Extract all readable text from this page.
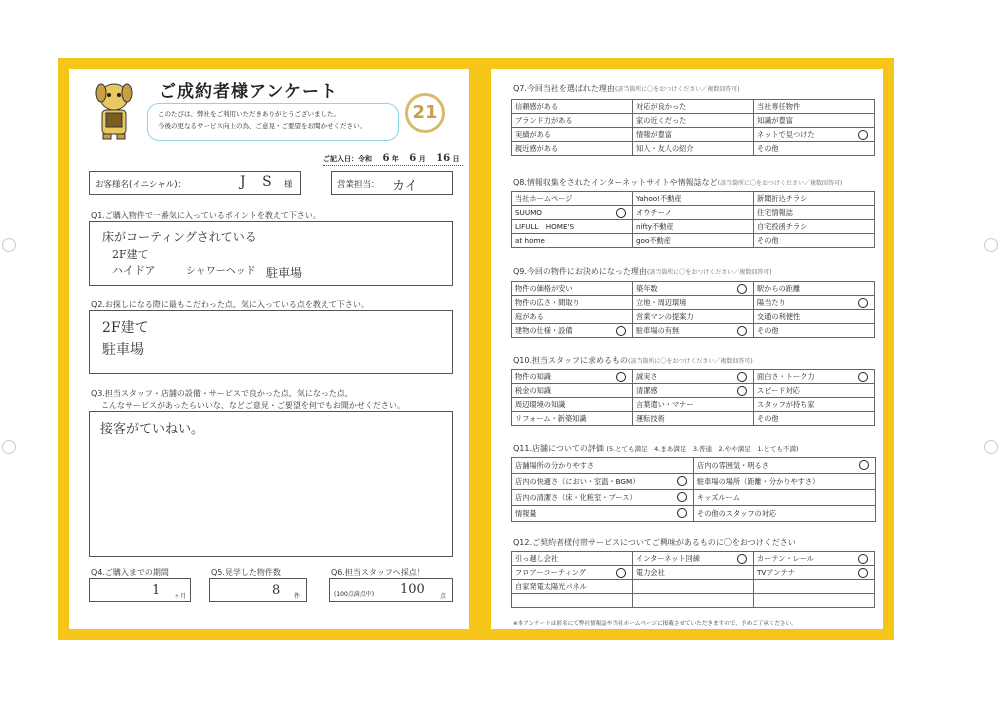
ご成約者様アンケート
このたびは、弊社をご利用いただきありがとうございました。
今後の更なるサービス向上の為、ご意見・ご要望をお聞かせください。
21
ご記入日：令和 6 年 6 月 16 日
お客様名(イニシャル)：	J S 様	営業担当： カイ
Q1.ご購入物件で一番気に入っているポイントを教えて下さい。
床がコーティングされている
2F建て
ハイドア	シャワーヘッド 駐車場
Q2.お探しになる際に最もこだわった点、気に入っている点を教えて下さい。
2F建て
駐車場
Q3.担当スタッフ・店舗の設備・サービスで良かった点、気になった点、
こんなサービスがあったらいいな、などご意見・ご要望を何でもお聞かせください。
接客がていねい。
Q4.ご購入までの期間
1 ヶ月
Q5.見学した物件数
8 件
Q6.担当スタッフへ採点！
(100点満点中) 100	点
Q7.今回当社を選ばれた理由(該当箇所に〇をおつけください／複数回答可)
信頼感がある	対応が良かった	当社専任物件
ブランド力がある	家の近くだった	知識が豊富
実績がある	情報が豊富	ネットで見つけた

親近感がある	知人・友人の紹介	その他
Q8.情報収集をされたインターネットサイトや情報誌など(該当箇所に〇をおつけください／複数回答可)
当社ホームページ	Yahoo!不動産	新聞折込チラシ
SUUMO	オウチーノ	住宅情報誌
LIFULL　HOME'S	nifty不動産	自宅投函チラシ
at home	goo不動産	その他
Q9.今回の物件にお決めになった理由(該当箇所に〇をおつけください／複数回答可)
物件の価格が安い	築年数	駅からの距離
物件の広さ・間取り	立地・周辺環境	陽当たり

庭がある	営業マンの提案力	交通の利便性
建物の仕様・設備	駐車場の有無	その他
Q10.担当スタッフに求めるもの(該当箇所に〇をおつけください／複数回答可)
物件の知識	誠実さ	面白さ・トーク力

税金の知識	清潔感	スピード対応
周辺環境の知識	言葉遣い・マナー	スタッフが持ち家
リフォーム・新築知識	運転技術	その他
Q11.店舗についての評価 (5.とても満足　4.まあ満足　3.普通　2.やや満足　1.とても不満)
店舗場所の分かりやすさ	店内の雰囲気・明るさ

店内の快適さ（におい・室温・BGM）	駐車場の場所（距離・分かりやすさ）
店内の清潔さ（床・化粧室・ブース）	キッズルーム
情報量	その他のスタッフの対応
Q12.ご契約者様付帯サービスについてご興味があるものに〇をおつけください
引っ越し会社	インターネット回線	カーテン・レール

フロアーコーティング	電力会社	TVアンテナ

自家発電太陽光パネル		

※本アンケートは匿名にて弊社情報誌や当社ホームページに掲載させていただきますので、予めご了承ください。
